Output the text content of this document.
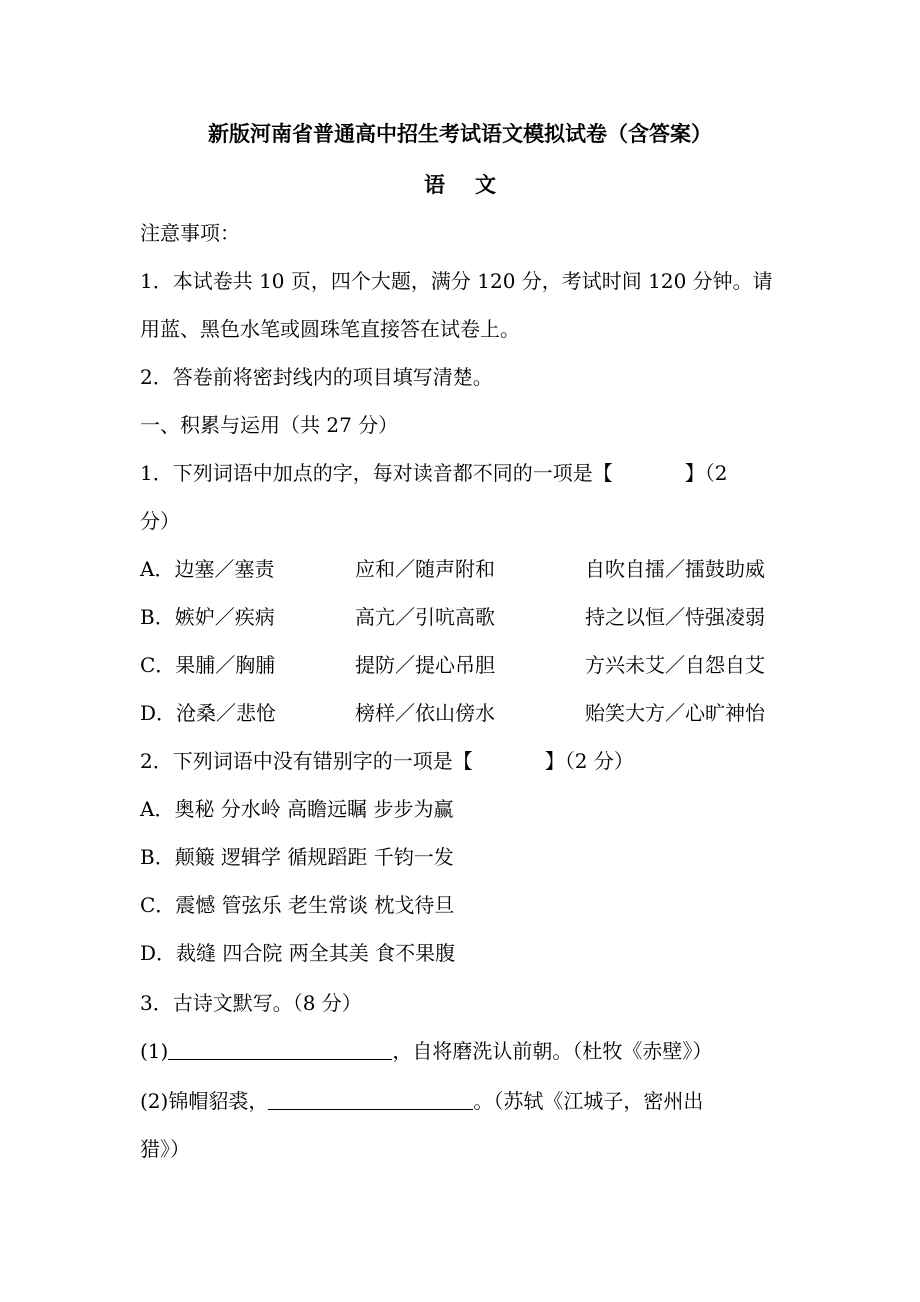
新版河南省普通高中招生考试语文模拟试卷（含答案）
语文
注意事项：
1．本试卷共 10 页，四个大题，满分 120 分，考试时间 120 分钟。请
用蓝、黑色水笔或圆珠笔直接答在试卷上。
2．答卷前将密封线内的项目填写清楚。
一、积累与运用（共 27 分）
1．下列词语中加点的字，每对读音都不同的一项是【	】（2
分）
A．边塞／塞责	应和／随声附和	自吹自擂／擂鼓助威
B．嫉妒／疾病	高亢／引吭高歌	持之以恒／恃强凌弱
C．果脯／胸脯	提防／提心吊胆	方兴未艾／自怨自艾
D．沧桑／悲怆	榜样／依山傍水	贻笑大方／心旷神怡
2．下列词语中没有错别字的一项是【	】（2 分）
A．奥秘 分水岭 高瞻远瞩 步步为赢
B．颠簸 逻辑学 循规蹈距 千钧一发
C．震憾 管弦乐 老生常谈 枕戈待旦
D．裁缝 四合院 两全其美 食不果腹
3．古诗文默写。（8 分）
(1)	，自将磨洗认前朝。（杜牧《赤壁》）
(2)锦帽貂裘，	。（苏轼《江城子，密州出
猎》）
